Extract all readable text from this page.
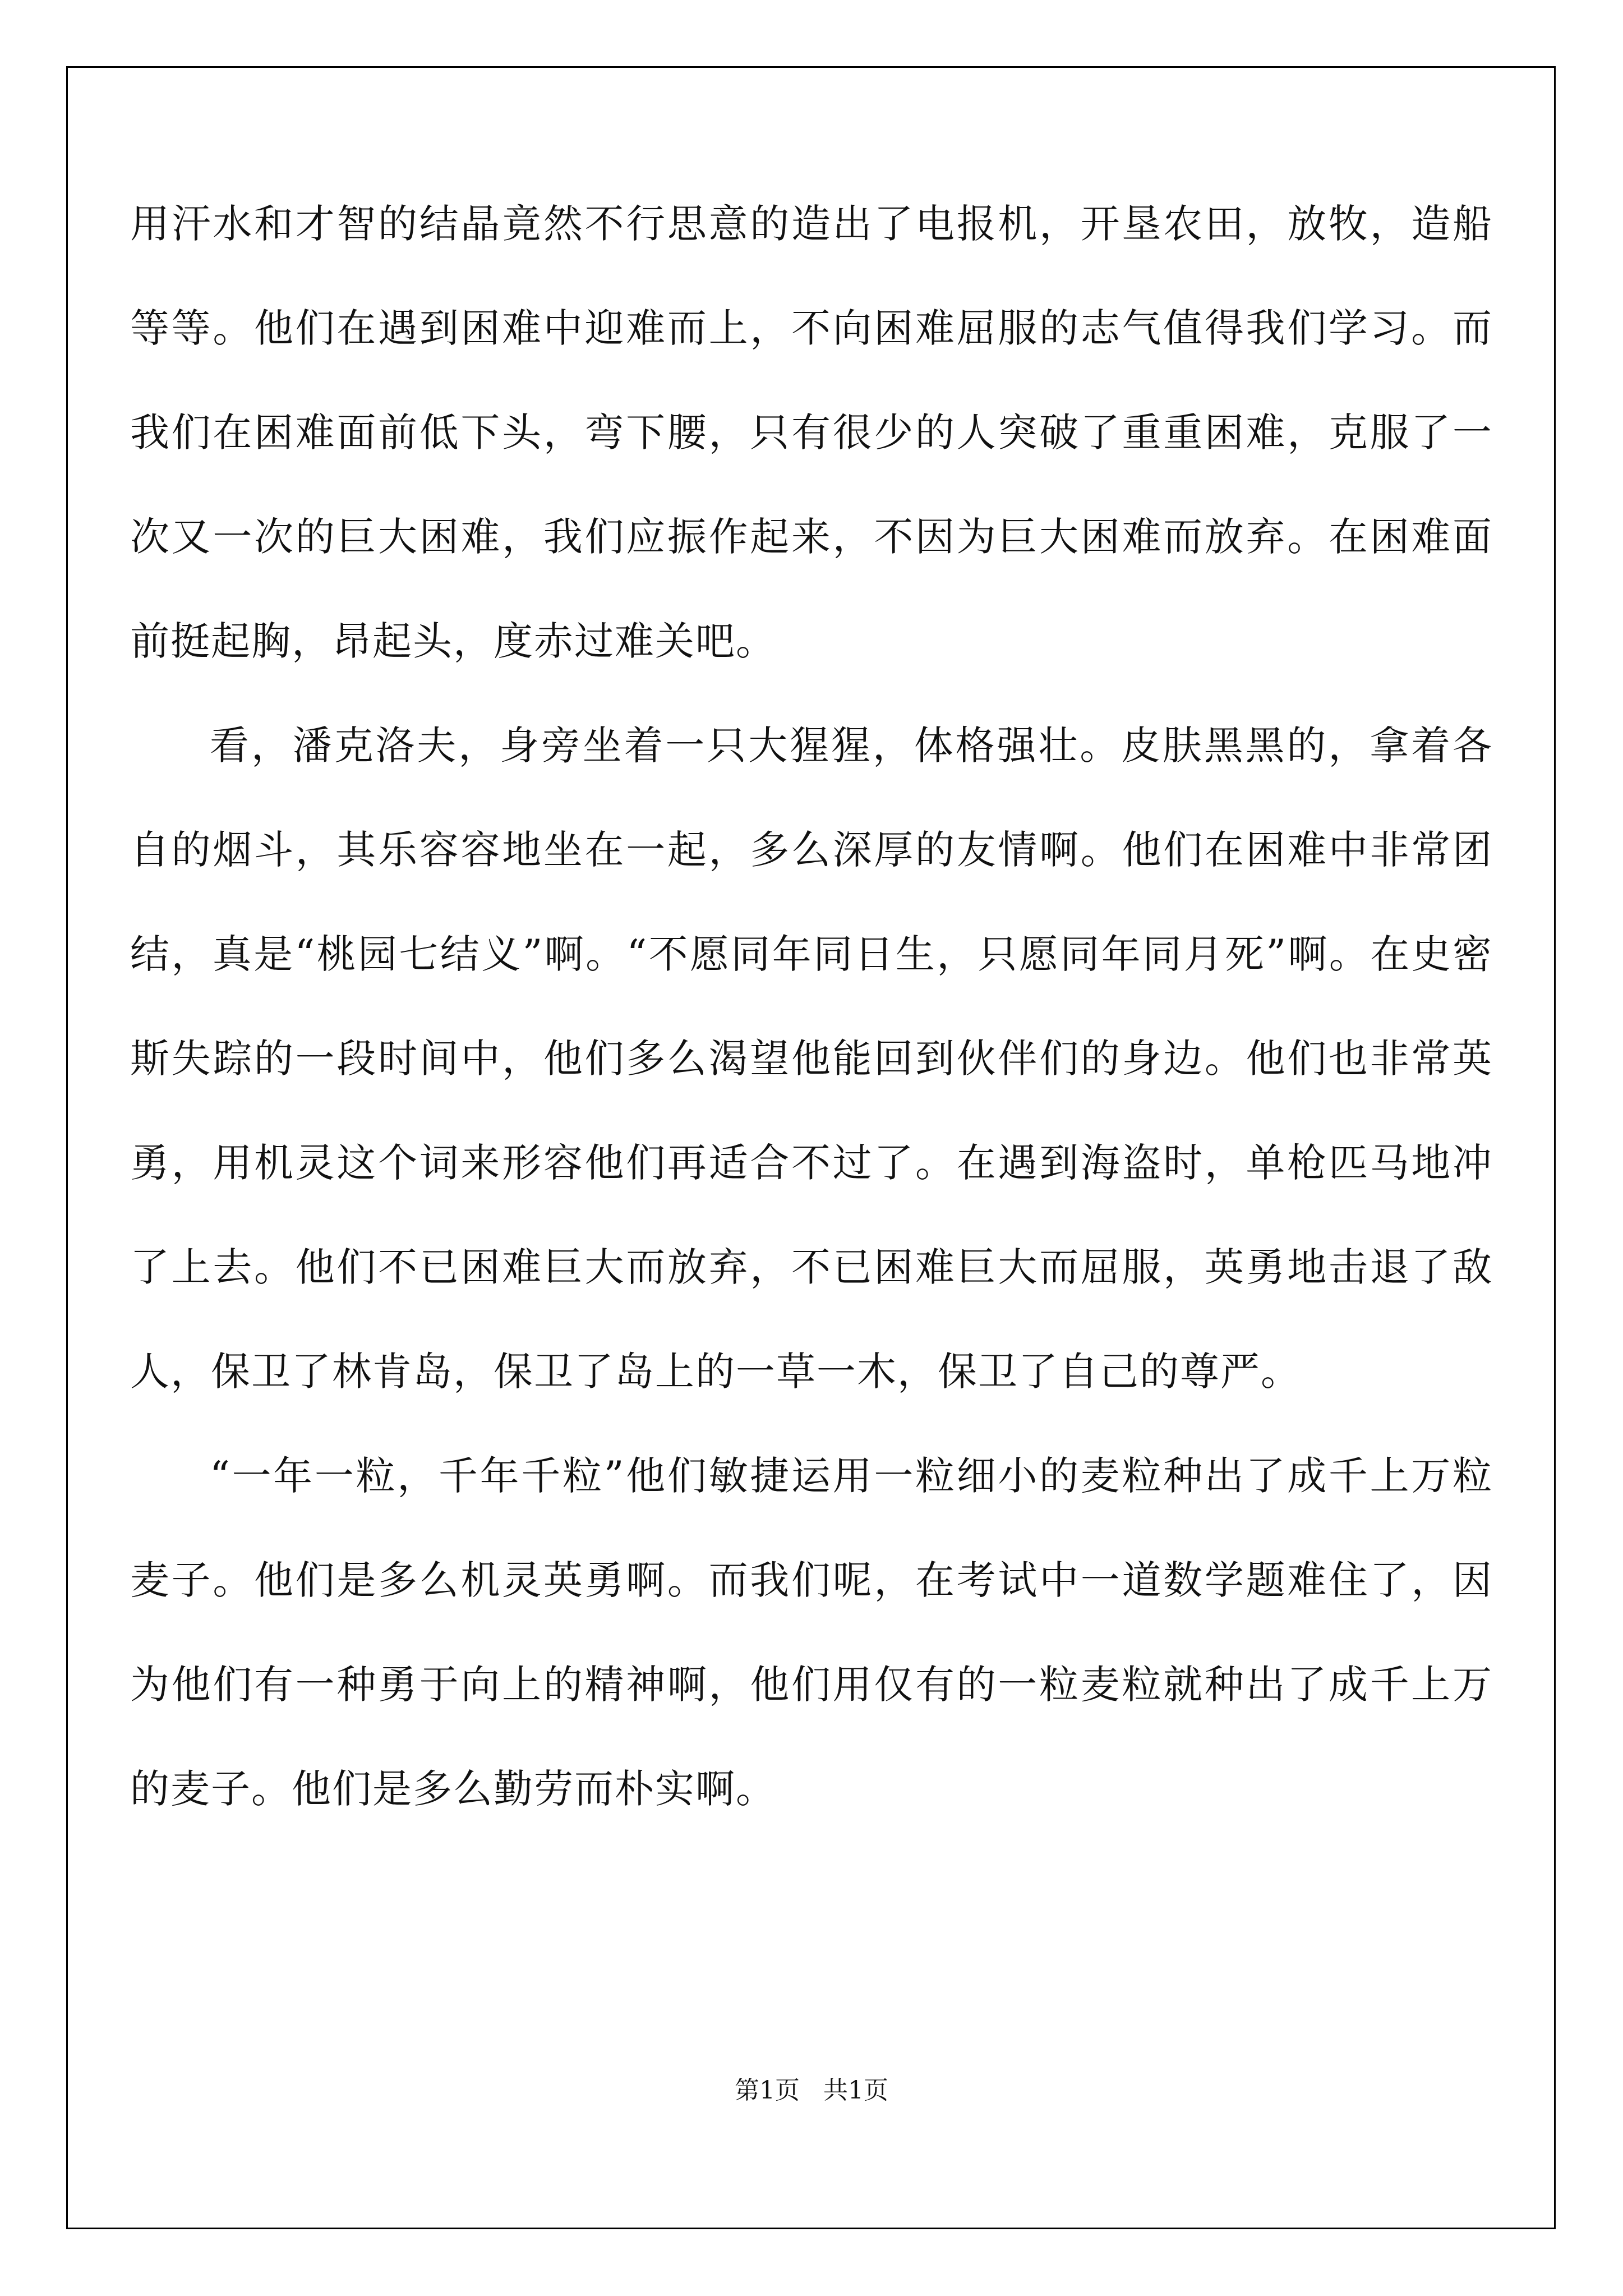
用汗水和才智的结晶竟然不行思意的造出了电报机，开垦农田，放牧，造船等等。他们在遇到困难中迎难而上，不向困难屈服的志气值得我们学习。而我们在困难面前低下头，弯下腰，只有很少的人突破了重重困难，克服了一次又一次的巨大困难，我们应振作起来，不因为巨大困难而放弃。在困难面前挺起胸，昂起头，度赤过难关吧。

看，潘克洛夫，身旁坐着一只大猩猩，体格强壮。皮肤黑黑的，拿着各自的烟斗，其乐容容地坐在一起，多么深厚的友情啊。他们在困难中非常团结，真是“桃园七结义”啊。“不愿同年同日生，只愿同年同月死”啊。在史密斯失踪的一段时间中，他们多么渴望他能回到伙伴们的身边。他们也非常英勇，用机灵这个词来形容他们再适合不过了。在遇到海盗时，单枪匹马地冲了上去。他们不已困难巨大而放弃，不已困难巨大而屈服，英勇地击退了敌人，保卫了林肯岛，保卫了岛上的一草一木，保卫了自己的尊严。

“一年一粒，千年千粒”他们敏捷运用一粒细小的麦粒种出了成千上万粒麦子。他们是多么机灵英勇啊。而我们呢，在考试中一道数学题难住了，因为他们有一种勇于向上的精神啊，他们用仅有的一粒麦粒就种出了成千上万的麦子。他们是多么勤劳而朴实啊。

第1页   共1页
